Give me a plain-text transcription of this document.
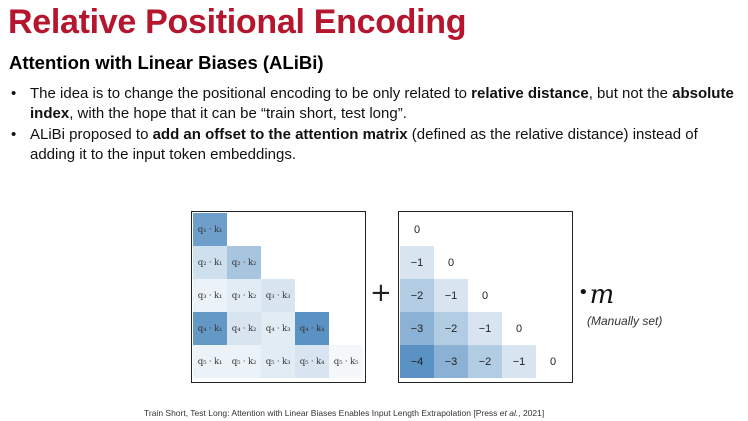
Relative Positional Encoding
Attention with Linear Biases (ALiBi)
• The idea is to change the positional encoding to be only related to relative distance, but not the absolute index, with the hope that it can be “train short, test long”.
• ALiBi proposed to add an offset to the attention matrix (defined as the relative distance) instead of adding it to the input token embeddings.
q₁ · k₁
q₂ · k₁	q₂ · k₂
q₃ · k₁	q₃ · k₂	q₃ · k₃
q₄ · k₁	q₄ · k₂	q₄ · k₃	q₄ · k₄
q₅ · k₁	q₅ · k₂	q₅ · k₃	q₅ · k₄	q₅ · k₅
+
0
−1	0
−2	−1	0
−3	−2	−1	0
−4	−3	−2	−1	0
•m
(Manually set)
Train Short, Test Long: Attention with Linear Biases Enables Input Length Extrapolation [Press et al., 2021]
